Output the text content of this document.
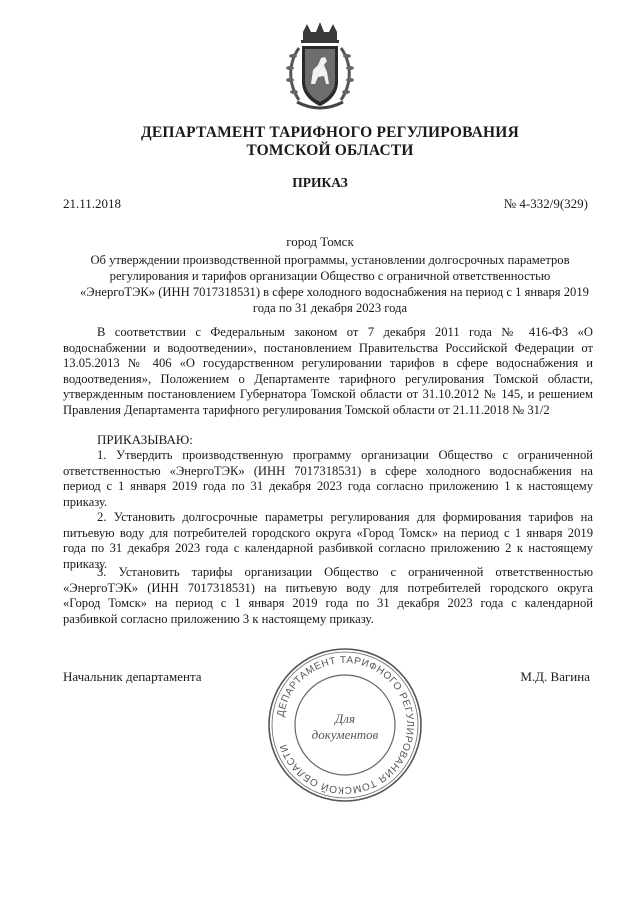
ДЕПАРТАМЕНТ ТАРИФНОГО РЕГУЛИРОВАНИЯ
ТОМСКОЙ ОБЛАСТИ
ПРИКАЗ
21.11.2018	№ 4-332/9(329)
город Томск
Об утверждении производственной программы, установлении долгосрочных параметров
регулирования и тарифов организации Общество с ограничной ответственностью
«ЭнергоТЭК» (ИНН 7017318531) в сфере холодного водоснабжения на период с 1 января 2019
года по 31 декабря 2023 года
В соответствии с Федеральным законом от 7 декабря 2011 года № 416-ФЗ «О
водоснабжении и водоотведении», постановлением Правительства Российской Федерации от
13.05.2013 № 406 «О государственном регулировании тарифов в сфере водоснабжения и
водоотведения», Положением о Департаменте тарифного регулирования Томской области,
утвержденным постановлением Губернатора Томской области от 31.10.2012 № 145, и решением
Правления Департамента тарифного регулирования Томской области от 21.11.2018 № 31/2
ПРИКАЗЫВАЮ:
1. Утвердить производственную программу организации Общество с ограниченной
ответственностью «ЭнергоТЭК» (ИНН 7017318531) в сфере холодного водоснабжения на
период с 1 января 2019 года по 31 декабря 2023 года согласно приложению 1 к настоящему
приказу.
2. Установить долгосрочные параметры регулирования для формирования тарифов на
питьевую воду для потребителей городского округа «Город Томск» на период с 1 января 2019
года по 31 декабря 2023 года с календарной разбивкой согласно приложению 2 к настоящему
приказу.
3. Установить тарифы организации Общество с ограниченной ответственностью
«ЭнергоТЭК» (ИНН 7017318531) на питьевую воду для потребителей городского округа
«Город Томск» на период с 1 января 2019 года по 31 декабря 2023 года с календарной
разбивкой согласно приложению 3 к настоящему приказу.
Начальник департамента	М.Д. Вагина
ДЕПАРТАМЕНТ ТАРИФНОГО РЕГУЛИРОВАНИЯ ТОМСКОЙ ОБЛАСТИ
Для
документов
